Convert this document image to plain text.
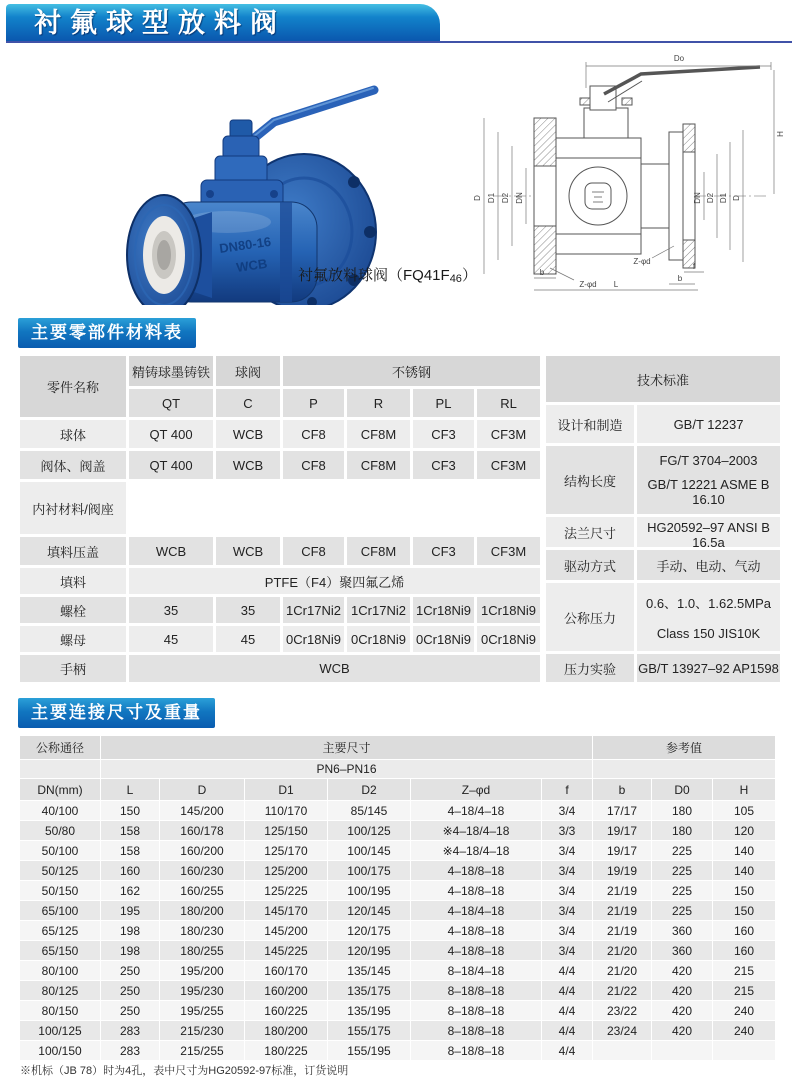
衬氟球型放料阀
DN80-16
WCB
Do
H
D D1 D2 DN	DN D2 D1 D
Z-φd
Z-φd
b
b
f
L
衬氟放料球阀（FQ41F46）
主要零部件材料表
零件名称
精铸球墨铸铁	球阀	不锈钢
QT	C	P	R	PL	RL
球体	QT 400	WCB	CF8	CF8M	CF3	CF3M
阀体、阀盖	QT 400	WCB	CF8	CF8M	CF3	CF3M
内衬材料/阀座
填料压盖	WCB	WCB	CF8	CF8M	CF3	CF3M
填料	PTFE（F4）聚四氟乙烯
螺栓	35	35	1Cr17Ni2 1Cr17Ni2 1Cr18Ni9 1Cr18Ni9
螺母	45	45	0Cr18Ni9 0Cr18Ni9 0Cr18Ni9 0Cr18Ni9
手柄	WCB
技术标准
设计和制造	GB/T 12237
结构长度
FG/T 3704–2003
GB/T 12221 ASME B 16.10
法兰尺寸	HG20592–97 ANSI B 16.5a
驱动方式	手动、电动、气动
公称压力
0.6、1.0、1.62.5MPa
Class 150 JIS10K
压力实验	GB/T 13927–92 AP1598
主要连接尺寸及重量
公称通径	主要尺寸	参考值
PN6–PN16
DN(mm)	L	D	D1	D2	Z–φd	f	b	D0	H
40/100	150	145/200	110/170	85/145	4–18/4–18	3/4	17/17	180	105
50/80	158	160/178	125/150	100/125	※4–18/4–18	3/3	19/17	180	120
50/100	158	160/200	125/170	100/145	※4–18/4–18	3/4	19/17	225	140
50/125	160	160/230	125/200	100/175	4–18/8–18	3/4	19/19	225	140
50/150	162	160/255	125/225	100/195	4–18/8–18	3/4	21/19	225	150
65/100	195	180/200	145/170	120/145	4–18/4–18	3/4	21/19	225	150
65/125	198	180/230	145/200	120/175	4–18/8–18	3/4	21/19	360	160
65/150	198	180/255	145/225	120/195	4–18/8–18	3/4	21/20	360	160
80/100	250	195/200	160/170	135/145	8–18/4–18	4/4	21/20	420	215
80/125	250	195/230	160/200	135/175	8–18/8–18	4/4	21/22	420	215
80/150	250	195/255	160/225	135/195	8–18/8–18	4/4	23/22	420	240
100/125	283	215/230	180/200	155/175	8–18/8–18	4/4	23/24	420	240
100/150	283	215/255	180/225	155/195	8–18/8–18	4/4
※机标（JB 78）时为4孔，表中尺寸为HG20592-97标准，订货说明
